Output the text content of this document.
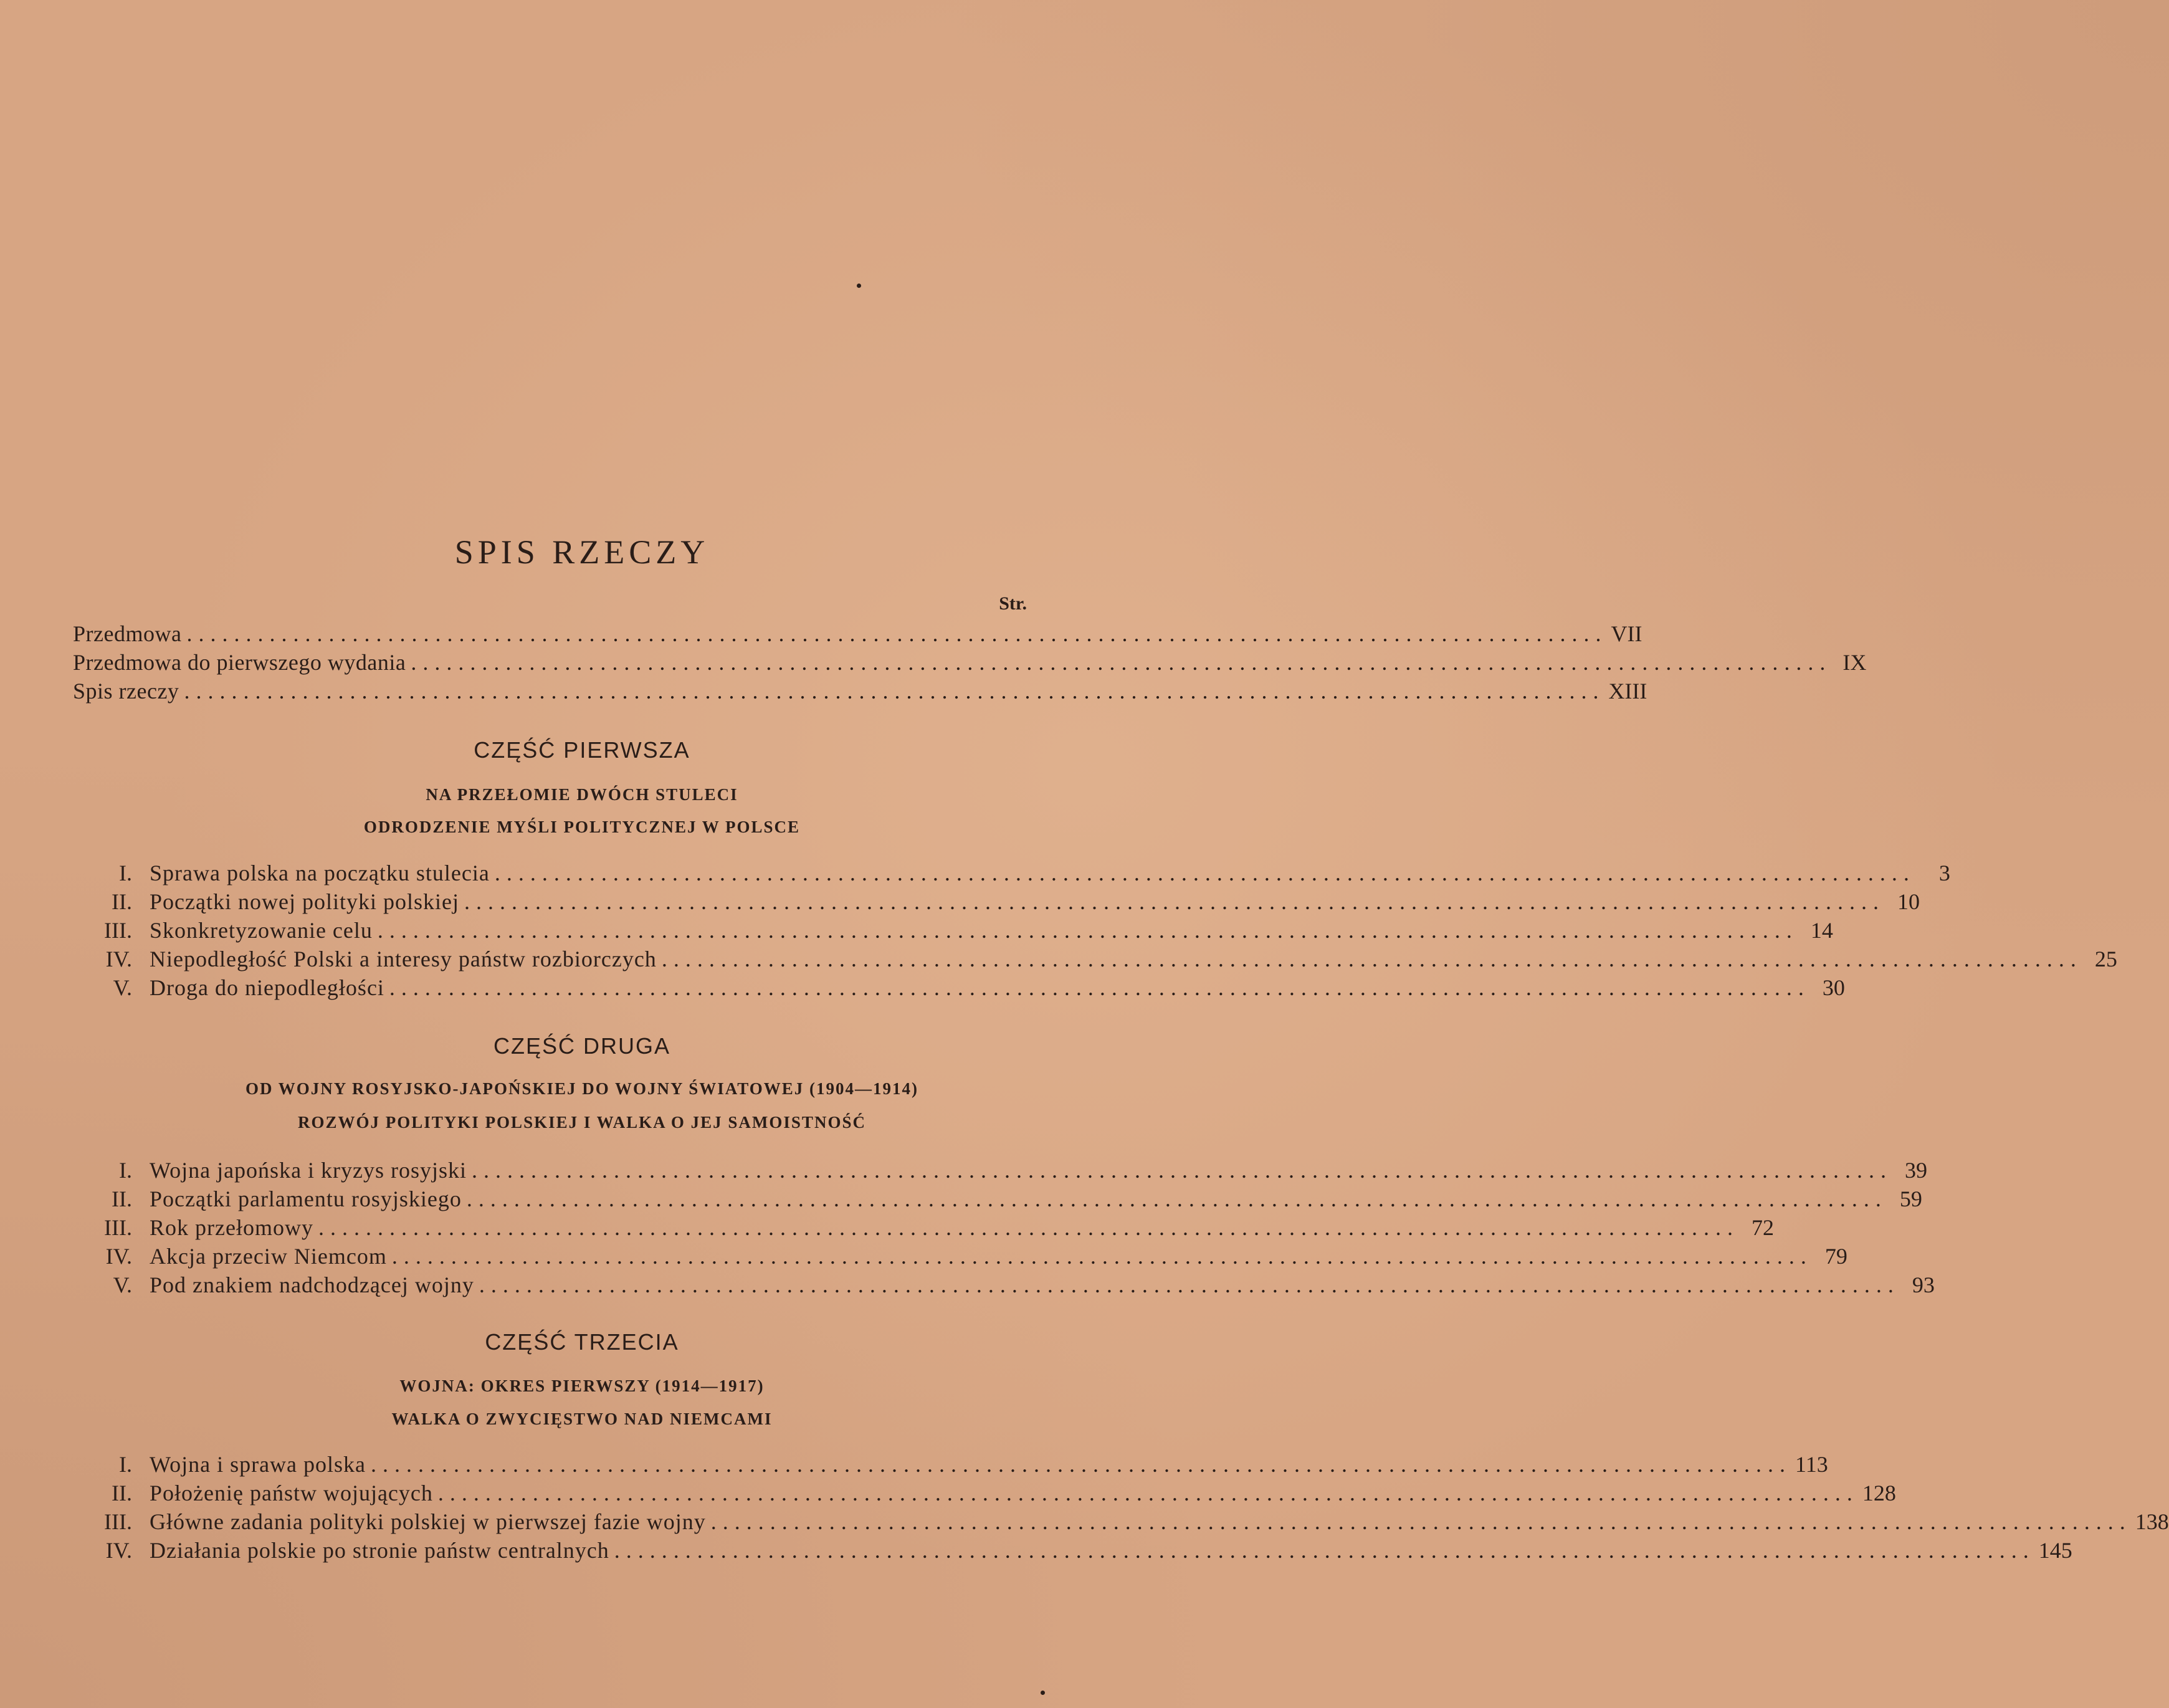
SPIS RZECZY
Str.
Przedmowa ........................................................................................................................ VII
Przedmowa do pierwszego wydania ........................................................................................................................ IX
Spis rzeczy ........................................................................................................................ XIII
CZĘŚĆ PIERWSZA
NA PRZEŁOMIE DWÓCH STULECI
ODRODZENIE MYŚLI POLITYCZNEJ W POLSCE
I. Sprawa polska na początku stulecia ........................................................................................................................	3
II. Początki nowej polityki polskiej ........................................................................................................................ 10
III. Skonkretyzowanie celu ........................................................................................................................ 14
IV. Niepodległość Polski a interesy państw rozbiorczych ........................................................................................................................ 25
V. Droga do niepodległości ........................................................................................................................ 30
CZĘŚĆ DRUGA
OD WOJNY ROSYJSKO-JAPOŃSKIEJ DO WOJNY ŚWIATOWEJ (1904—1914)
ROZWÓJ POLITYKI POLSKIEJ I WALKA O JEJ SAMOISTNOŚĆ
I. Wojna japońska i kryzys rosyjski ........................................................................................................................ 39
II. Początki parlamentu rosyjskiego ........................................................................................................................ 59
III. Rok przełomowy ........................................................................................................................ 72
IV. Akcja przeciw Niemcom ........................................................................................................................ 79
V. Pod znakiem nadchodzącej wojny ........................................................................................................................ 93
CZĘŚĆ TRZECIA
WOJNA: OKRES PIERWSZY (1914—1917)
WALKA O ZWYCIĘSTWO NAD NIEMCAMI
I. Wojna i sprawa polska ........................................................................................................................ 113
II. Położenię państw wojujących ........................................................................................................................ 128
III. Główne zadania polityki polskiej w pierwszej fazie wojny ........................................................................................................................ 138
IV. Działania polskie po stronie państw centralnych ........................................................................................................................ 145
